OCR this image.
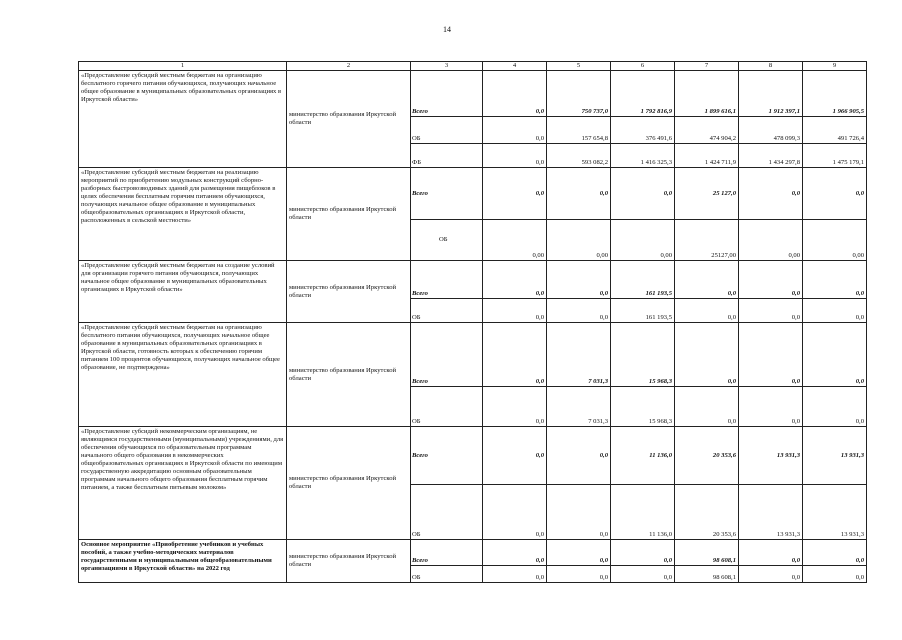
14
1	2	3	4	5	6	7	8	9
«Предоставление субсидий местным бюджетам на организацию бесплатного горячего питания обучающихся, получающих начальное общее образование в муниципальных образовательных организациях в Иркутской области»	министерство образования Иркутской области	Всего	0,0	750 737,0	1 792 816,9	1 899 616,1	1 912 397,1	1 966 905,5
		ОБ	0,0	157 654,8	376 491,6	474 904,2	478 099,3	491 726,4
		ФБ	0,0	593 082,2	1 416 325,3	1 424 711,9	1 434 297,8	1 475 179,1
«Предоставление субсидий местным бюджетам на реализацию мероприятий по приобретению модульных конструкций сборно-разборных быстровозводимых зданий для размещения пищеблоков в целях обеспечения бесплатным горячим питанием обучающихся, получающих начальное общее образование в муниципальных общеобразовательных организациях в Иркутской области, расположенных в сельской местности»	министерство образования Иркутской области	Всего	0,0	0,0	0,0	25 127,0	0,0	0,0
		ОБ	0,00	0,00	0,00	25127,00	0,00	0,00
«Предоставление субсидий местным бюджетам на создание условий для организации горячего питания обучающихся, получающих начальное общее образование в муниципальных образовательных организациях в Иркутской области»	министерство образования Иркутской области	Всего	0,0	0,0	161 193,5	0,0	0,0	0,0
		ОБ	0,0	0,0	161 193,5	0,0	0,0	0,0
«Предоставление субсидий местным бюджетам на организацию бесплатного питания обучающихся, получающих начальное общее образование в муниципальных образовательных организациях в Иркутской области, готовность которых к обеспечению горячим питанием 100 процентов обучающихся, получающих начальное общее образование, не подтверждена»	министерство образования Иркутской области	Всего	0,0	7 031,3	15 968,3	0,0	0,0	0,0
		ОБ	0,0	7 031,3	15 968,3	0,0	0,0	0,0
«Предоставление субсидий некоммерческим организациям, не являющимся государственными (муниципальными) учреждениями, для обеспечения обучающихся по образовательным программам начального общего образования в некоммерческих общеобразовательных организациях в Иркутской области по имеющим государственную аккредитацию основным образовательным программам начального общего образования бесплатным горячим питанием, а также бесплатным питьевым молоком»	министерство образования Иркутской области	Всего	0,0	0,0	11 136,0	20 353,6	13 931,3	13 931,3
		ОБ	0,0	0,0	11 136,0	20 353,6	13 931,3	13 931,3
Основное мероприятие «Приобретение учебников и учебных пособий, а также учебно-методических материалов государственными и муниципальными общеобразовательными организациями в Иркутской области» на 2022 год	министерство образования Иркутской области	Всего	0,0	0,0	0,0	98 608,1	0,0	0,0
		ОБ	0,0	0,0	0,0	98 608,1	0,0	0,0
